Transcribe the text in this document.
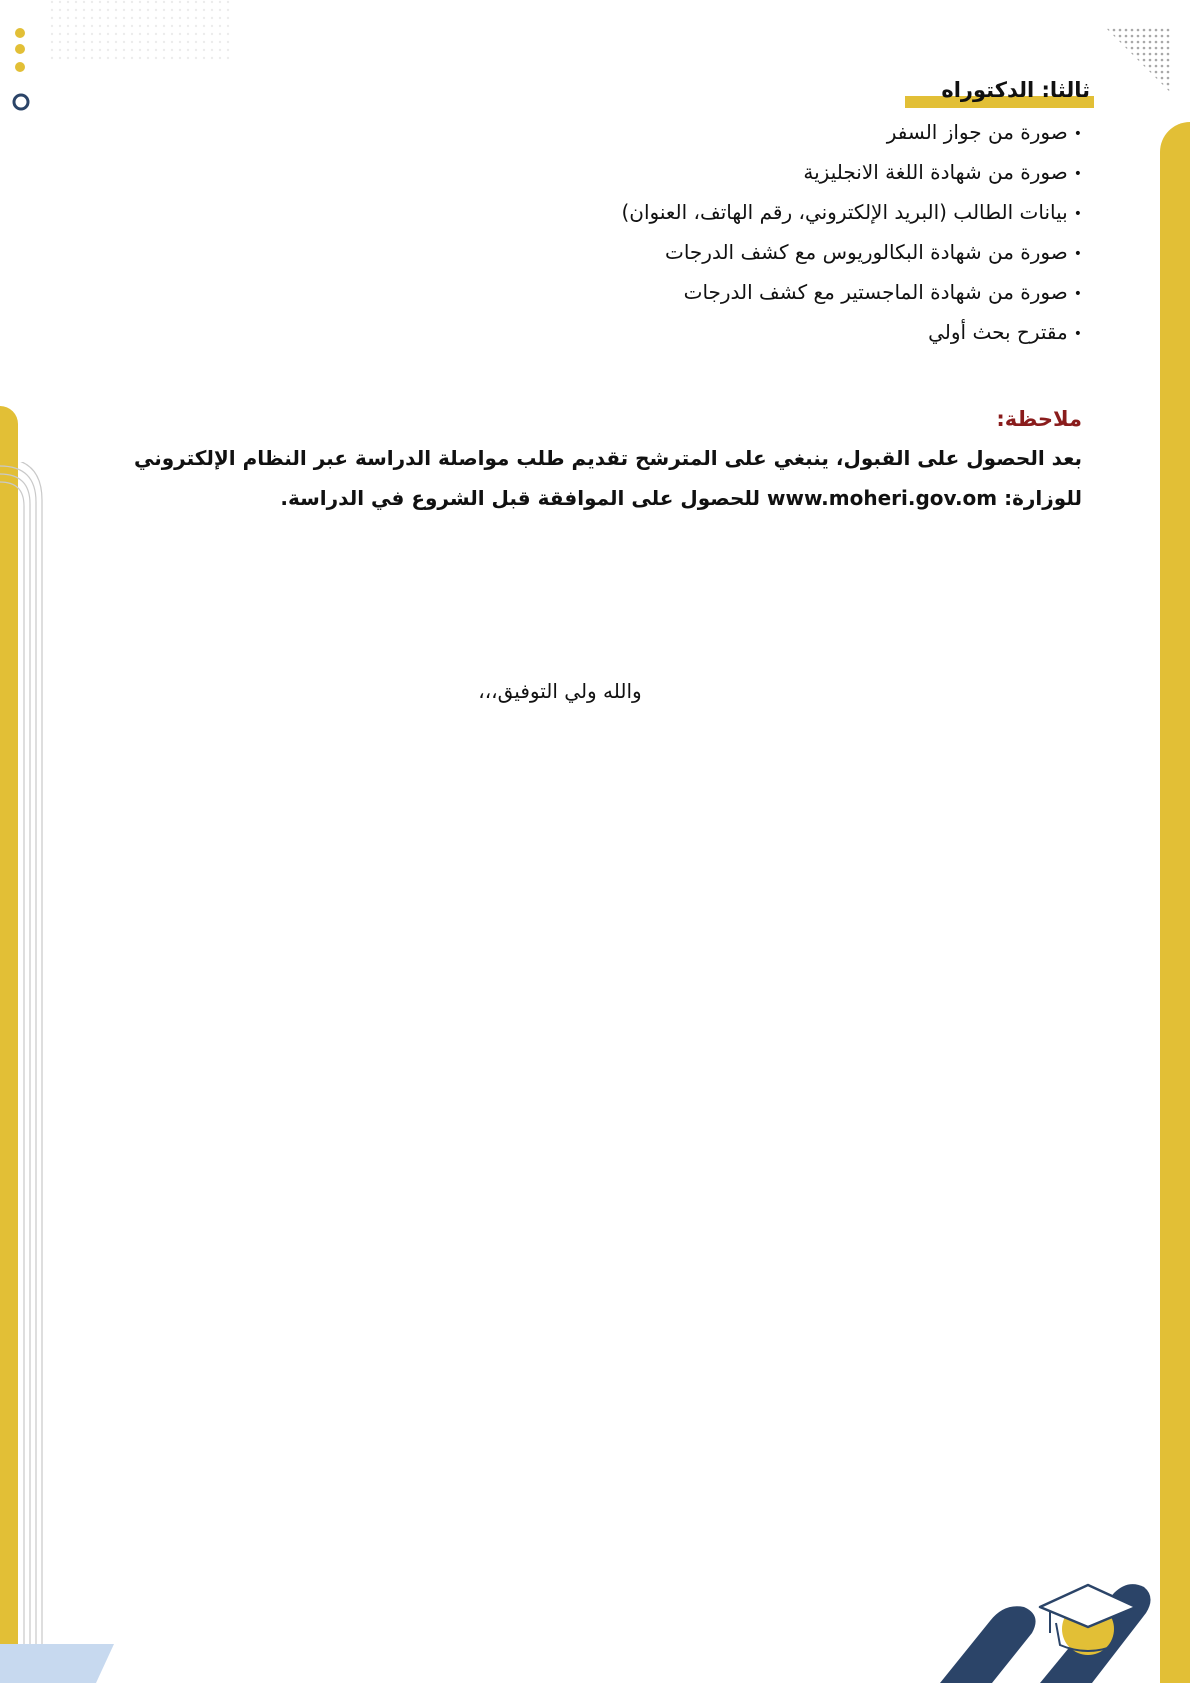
ثالثا: الدكتوراه
•صورة من جواز السفر
•صورة من شهادة اللغة الانجليزية
•بيانات الطالب (البريد الإلكتروني، رقم الهاتف، العنوان)
•صورة من شهادة البكالوريوس مع كشف الدرجات
•صورة من شهادة الماجستير مع كشف الدرجات
•مقترح بحث أولي
ملاحظة:
بعد الحصول على القبول، ينبغي على المترشح تقديم طلب مواصلة الدراسة عبر النظام الإلكتروني
للوزارة: www.moheri.gov.om للحصول على الموافقة قبل الشروع في الدراسة.
والله ولي التوفيق،،،
